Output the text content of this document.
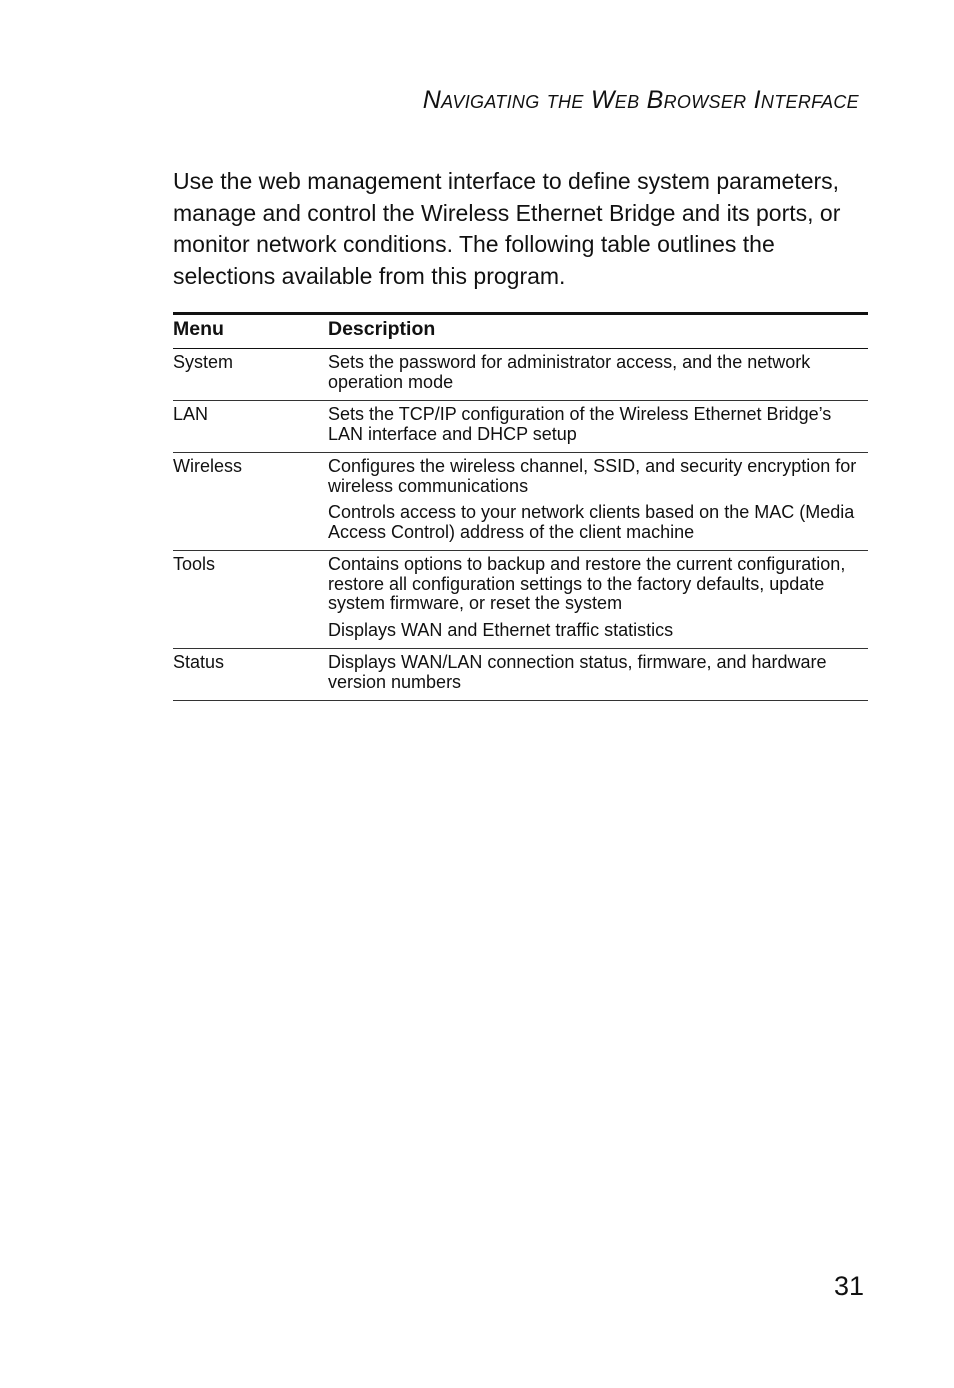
Navigating the Web Browser Interface

Use the web management interface to define system parameters, manage and control the Wireless Ethernet Bridge and its ports, or monitor network conditions. The following table outlines the selections available from this program.

Menu	Description
System	Sets the password for administrator access, and the network operation mode

LAN	Sets the TCP/IP configuration of the Wireless Ethernet Bridge’s LAN interface and DHCP setup

Wireless	Configures the wireless channel, SSID, and security encryption for wireless communications

Controls access to your network clients based on the MAC (Media Access Control) address of the client machine

Tools	Contains options to backup and restore the current configuration, restore all configuration settings to the factory defaults, update system firmware, or reset the system

Displays WAN and Ethernet traffic statistics

Status	Displays WAN/LAN connection status, firmware, and hardware version numbers

31
